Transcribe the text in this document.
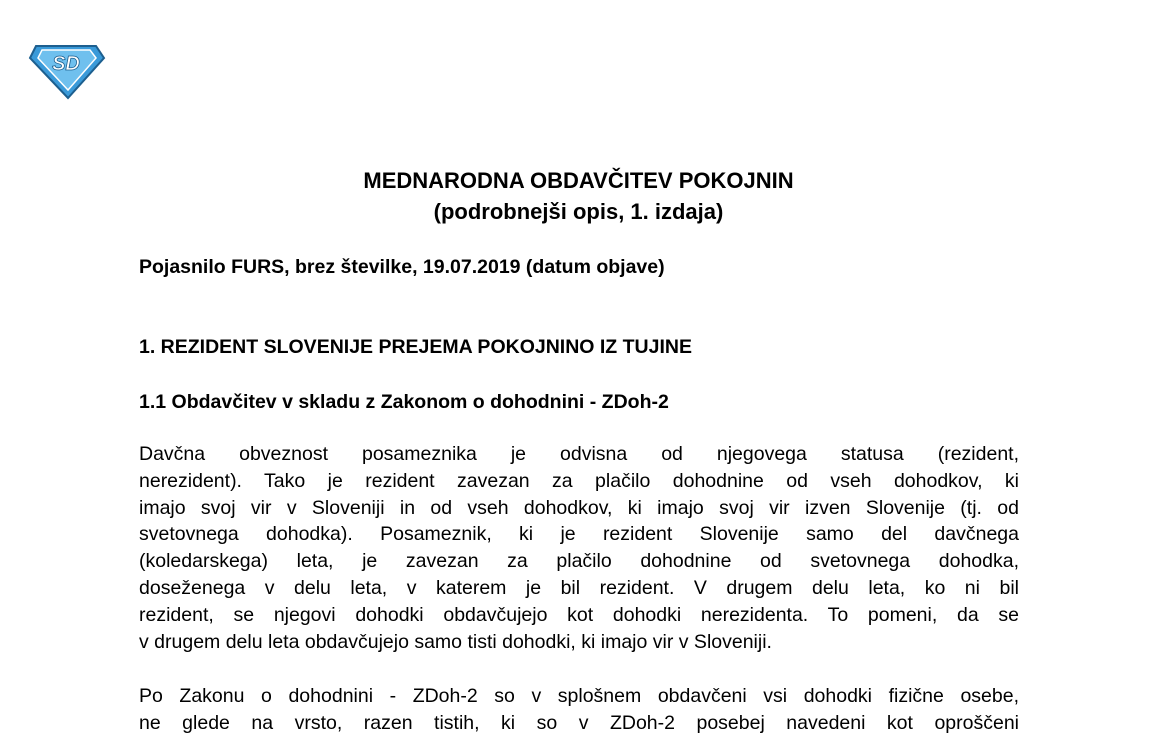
SD
MEDNARODNA OBDAVČITEV POKOJNIN
(podrobnejši opis, 1. izdaja)
Pojasnilo FURS, brez številke, 19.07.2019 (datum objave)
1. REZIDENT SLOVENIJE PREJEMA POKOJNINO IZ TUJINE
1.1 Obdavčitev v skladu z Zakonom o dohodnini - ZDoh-2
Davčna obveznost posameznika je odvisna od njegovega statusa (rezident,
nerezident). Tako je rezident zavezan za plačilo dohodnine od vseh dohodkov, ki
imajo svoj vir v Sloveniji in od vseh dohodkov, ki imajo svoj vir izven Slovenije (tj. od
svetovnega dohodka). Posameznik, ki je rezident Slovenije samo del davčnega
(koledarskega) leta, je zavezan za plačilo dohodnine od svetovnega dohodka,
doseženega v delu leta, v katerem je bil rezident. V drugem delu leta, ko ni bil
rezident, se njegovi dohodki obdavčujejo kot dohodki nerezidenta. To pomeni, da se
v drugem delu leta obdavčujejo samo tisti dohodki, ki imajo vir v Sloveniji.
Po Zakonu o dohodnini - ZDoh-2 so v splošnem obdavčeni vsi dohodki fizične osebe,
ne glede na vrsto, razen tistih, ki so v ZDoh-2 posebej navedeni kot oproščeni
